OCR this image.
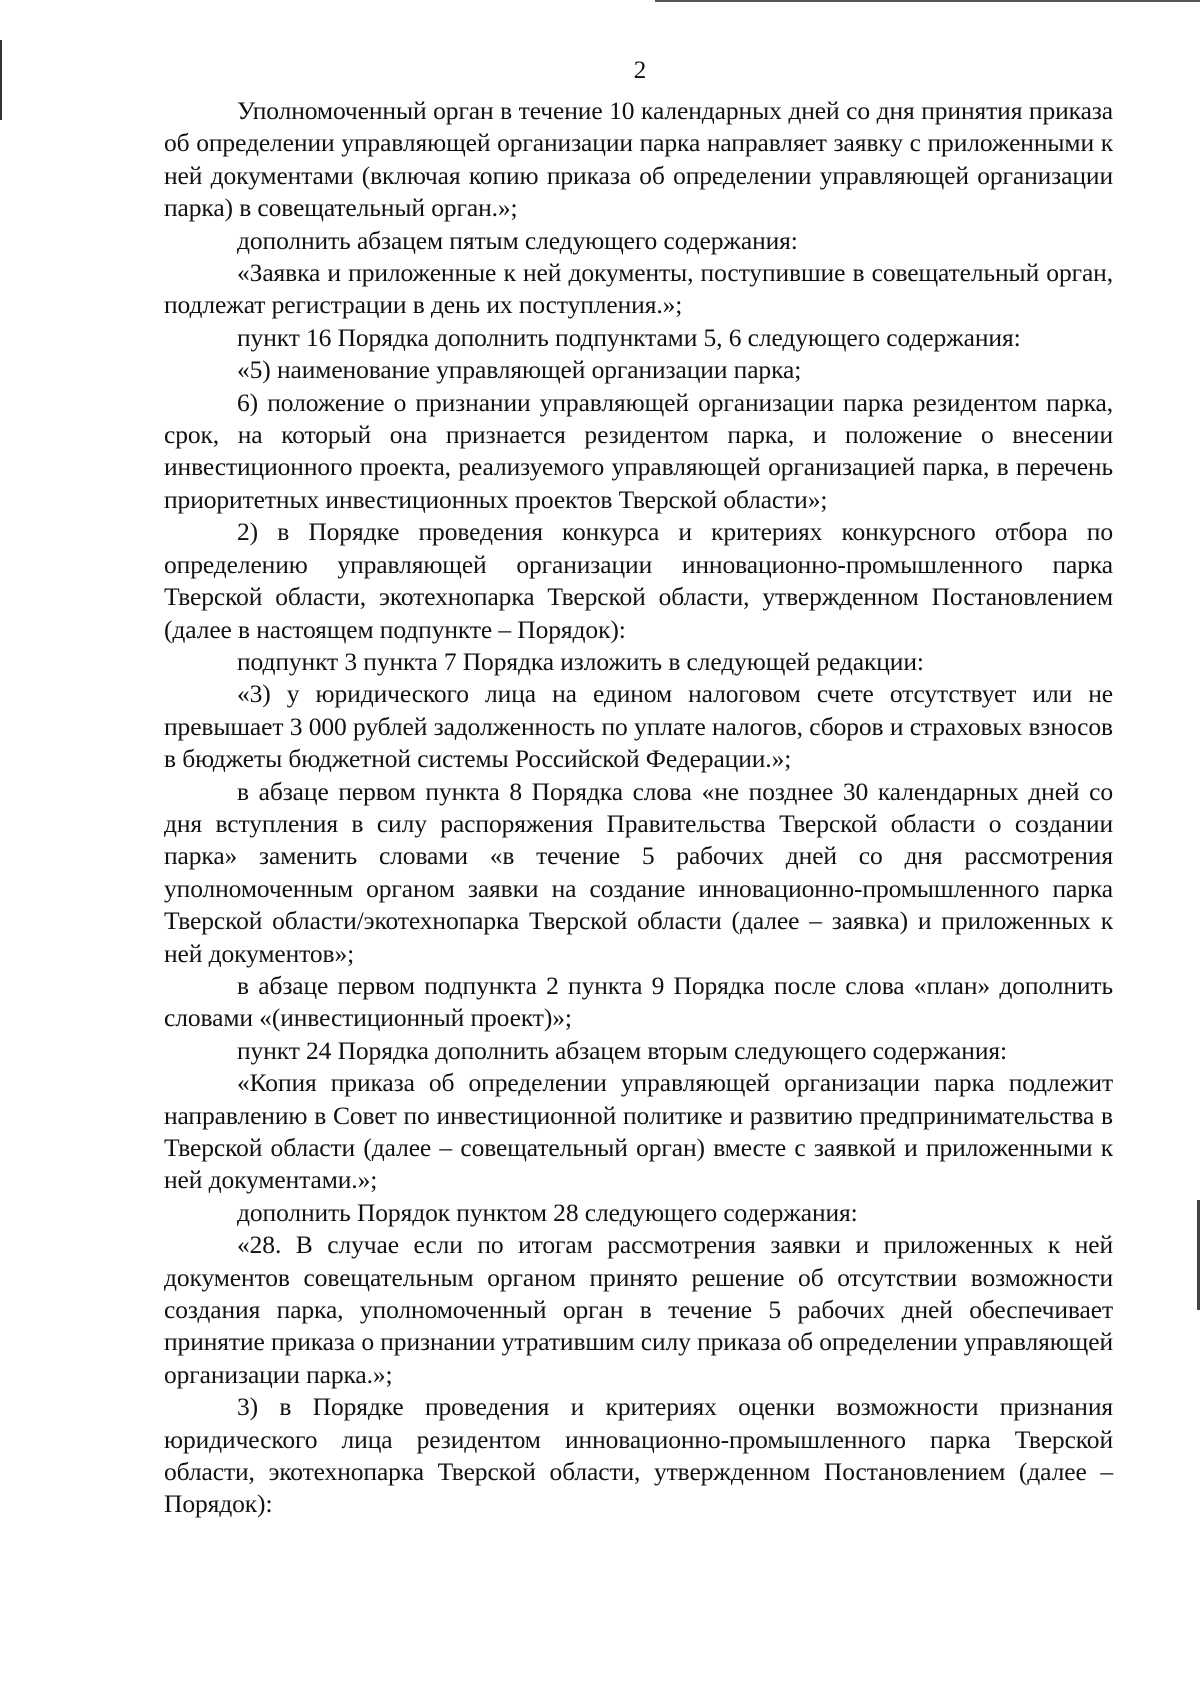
2

Уполномоченный орган в течение 10 календарных дней со дня принятия приказа об определении управляющей организации парка направляет заявку с приложенными к ней документами (включая копию приказа об определении управляющей организации парка) в совещательный орган.»;

дополнить абзацем пятым следующего содержания:

«Заявка и приложенные к ней документы, поступившие в совещательный орган, подлежат регистрации в день их поступления.»;

пункт 16 Порядка дополнить подпунктами 5, 6 следующего содержания:

«5) наименование управляющей организации парка;

6) положение о признании управляющей организации парка резидентом парка, срок, на который она признается резидентом парка, и положение о внесении инвестиционного проекта, реализуемого управляющей организацией парка, в перечень приоритетных инвестиционных проектов Тверской области»;

2) в Порядке проведения конкурса и критериях конкурсного отбора по определению управляющей организации инновационно-промышленного парка Тверской области, экотехнопарка Тверской области, утвержденном Постановлением (далее в настоящем подпункте – Порядок):

подпункт 3 пункта 7 Порядка изложить в следующей редакции:

«3) у юридического лица на едином налоговом счете отсутствует или не превышает 3 000 рублей задолженность по уплате налогов, сборов и страховых взносов в бюджеты бюджетной системы Российской Федерации.»;

в абзаце первом пункта 8 Порядка слова «не позднее 30 календарных дней со дня вступления в силу распоряжения Правительства Тверской области о создании парка» заменить словами «в течение 5 рабочих дней со дня рассмотрения уполномоченным органом заявки на создание инновационно-промышленного парка Тверской области/экотехнопарка Тверской области (далее – заявка) и приложенных к ней документов»;

в абзаце первом подпункта 2 пункта 9 Порядка после слова «план» дополнить словами «(инвестиционный проект)»;

пункт 24 Порядка дополнить абзацем вторым следующего содержания:

«Копия приказа об определении управляющей организации парка подлежит направлению в Совет по инвестиционной политике и развитию предпринимательства в Тверской области (далее – совещательный орган) вместе с заявкой и приложенными к ней документами.»;

дополнить Порядок пунктом 28 следующего содержания:

«28. В случае если по итогам рассмотрения заявки и приложенных к ней документов совещательным органом принято решение об отсутствии возможности создания парка, уполномоченный орган в течение 5 рабочих дней обеспечивает принятие приказа о признании утратившим силу приказа об определении управляющей организации парка.»;

3) в Порядке проведения и критериях оценки возможности признания юридического лица резидентом инновационно-промышленного парка Тверской области, экотехнопарка Тверской области, утвержденном Постановлением (далее – Порядок):
